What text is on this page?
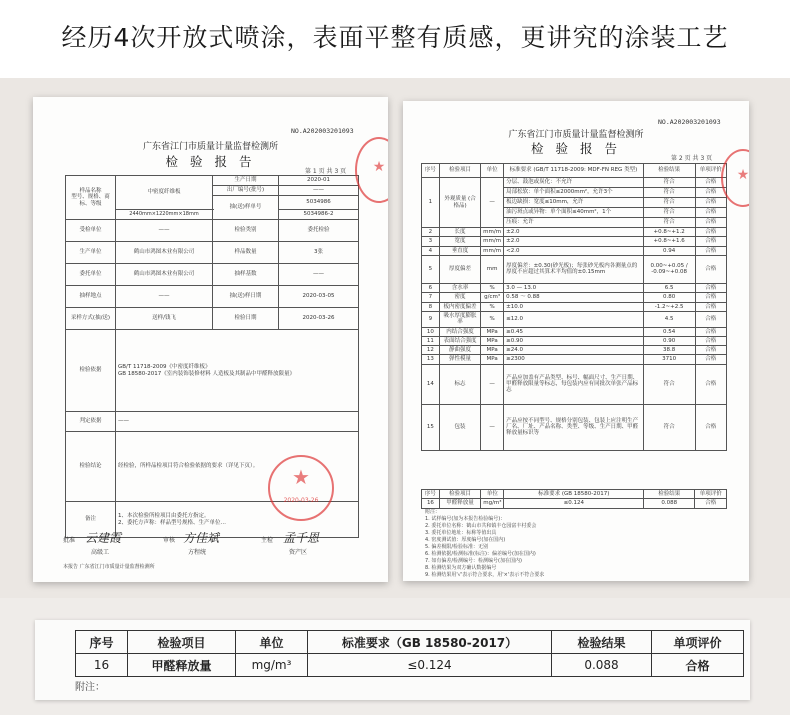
经历4次开放式喷涂，表面平整有质感，更讲究的涂装工艺
NO.A202003201093
广东省江门市质量计量监督检测所
检 验 报 告
第 1 页 共 3 页
样品名称
型号、规格、商标、等级	中密度纤维板	生产日期	2020-01
		出厂编号(批号)	——
		抽(送)样单号	5034986
	2440mm×1220mm×18mm		5034986-2
受检单位	——	检验类别	委托检验
生产单位	鹤山市鸿图木业有限公司	样品数量	3张
委托单位	鹤山市鸿图木业有限公司	抽样基数	——
抽样地点	——	抽(送)样日期	2020-03-05
采样方式(抽/送)	送样/钱飞	检验日期	2020-03-26
检验依据	GB/T 11718-2009《中密度纤维板》
GB 18580-2017《室内装饰装修材料 人造板及其制品中甲醛释放限量》		
判定依据	——		
检验结论	经检验，所样品检项目符合检验依据的要求（详见下页）。		
备注	1、本次检验所检项目由委托方指定。
2、委托方声称：样品型号规格、生产单位…		
★
2020-03-26
★
批准 云建霞
高级工
审核 方佳斌
方程统
主检 孟千恩
资产区
本报告 广东省江门市质量计量监督检测所
NO.A202003201093
广东省江门市质量计量监督检测所
检 验 报 告
第 2 页 共 3 页
序号	检验项目	单位	标准要求 (GB/T 11718-2009: MDF-FN REG 类型)	检验结果	单项评价
1	外观质量 (合格品)	—	分层、鼓泡或炭化：不允许	符合	合格
			局部松软：单个面积≤2000mm²，允许3个	符合	合格
			板边缺损：宽度≤10mm，允许	符合	合格
			油污斑点或异物：单个面积≤40mm²，1个	符合	合格
			压痕：允许	符合	合格
2	长度	mm/m	±2.0	+0.8~+1.2	合格
3	宽度	mm/m	±2.0	+0.8~+1.6	合格
4	垂直度	mm/m	<2.0	0.94	合格
5	厚度偏差	mm	厚度偏差：±0.30(砂光板)；每张砂光板内各测量点的厚度不应超过其算术平均值的±0.15mm	0.00~+0.05 / -0.09~+0.08	合格
6	含水率	%	3.0 — 13.0	6.5	合格
7	密度	g/cm³	0.58 ～ 0.88	0.80	合格
8	板内密度偏差	%	±10.0	-1.2~+2.5	合格
9	吸水厚度膨胀率	%	≤12.0	4.5	合格
10	内结合强度	MPa	≥0.45	0.54	合格
11	表面结合强度	MPa	≥0.90	0.90	合格
12	静曲强度	MPa	≥24.0	38.8	合格
13	弹性模量	MPa	≥2300	3710	合格
14	标志	—	产品应加盖有产品类型、标号、幅面尺寸、生产日期、甲醛释放限量等标志，每包装内应有同批次单张产品标志	符合	合格
15	包装	—	产品应按不同型号、规格分别包装、包装上应注明生产厂名、厂址、产品名称、类型、等级、生产日期、甲醛释放量标识等	符合	合格
序号	检验项目	单位	标准要求 (GB 18580-2017)	检验结果	单项评价
16	甲醛释放量	mg/m³	≤0.124	0.088	合格
附注：
1. 试样编号(加为本报告检验编号)：
2. 委托单位名称：鹤山市共和镇丰仓园富丰村委会
3. 委托单位地址：标称等值出具
4. 密度测试值：厚度编号(加在国内)
5. 偏差极限/检验标准：无别
6. 检测依据/检测标准(标注)：偏差编号(加在国内)
7. 如有偏差/检测编号：检测编号(加在国内)
8. 检测结果为双方确认数据编号
9. 检测结果用'√'表示符合要求，用'×'表示不符合要求
★
序号	检验项目	单位	标准要求（GB 18580-2017）	检验结果	单项评价
16	甲醛释放量	mg/m³	≤0.124	0.088	合格
附注：
